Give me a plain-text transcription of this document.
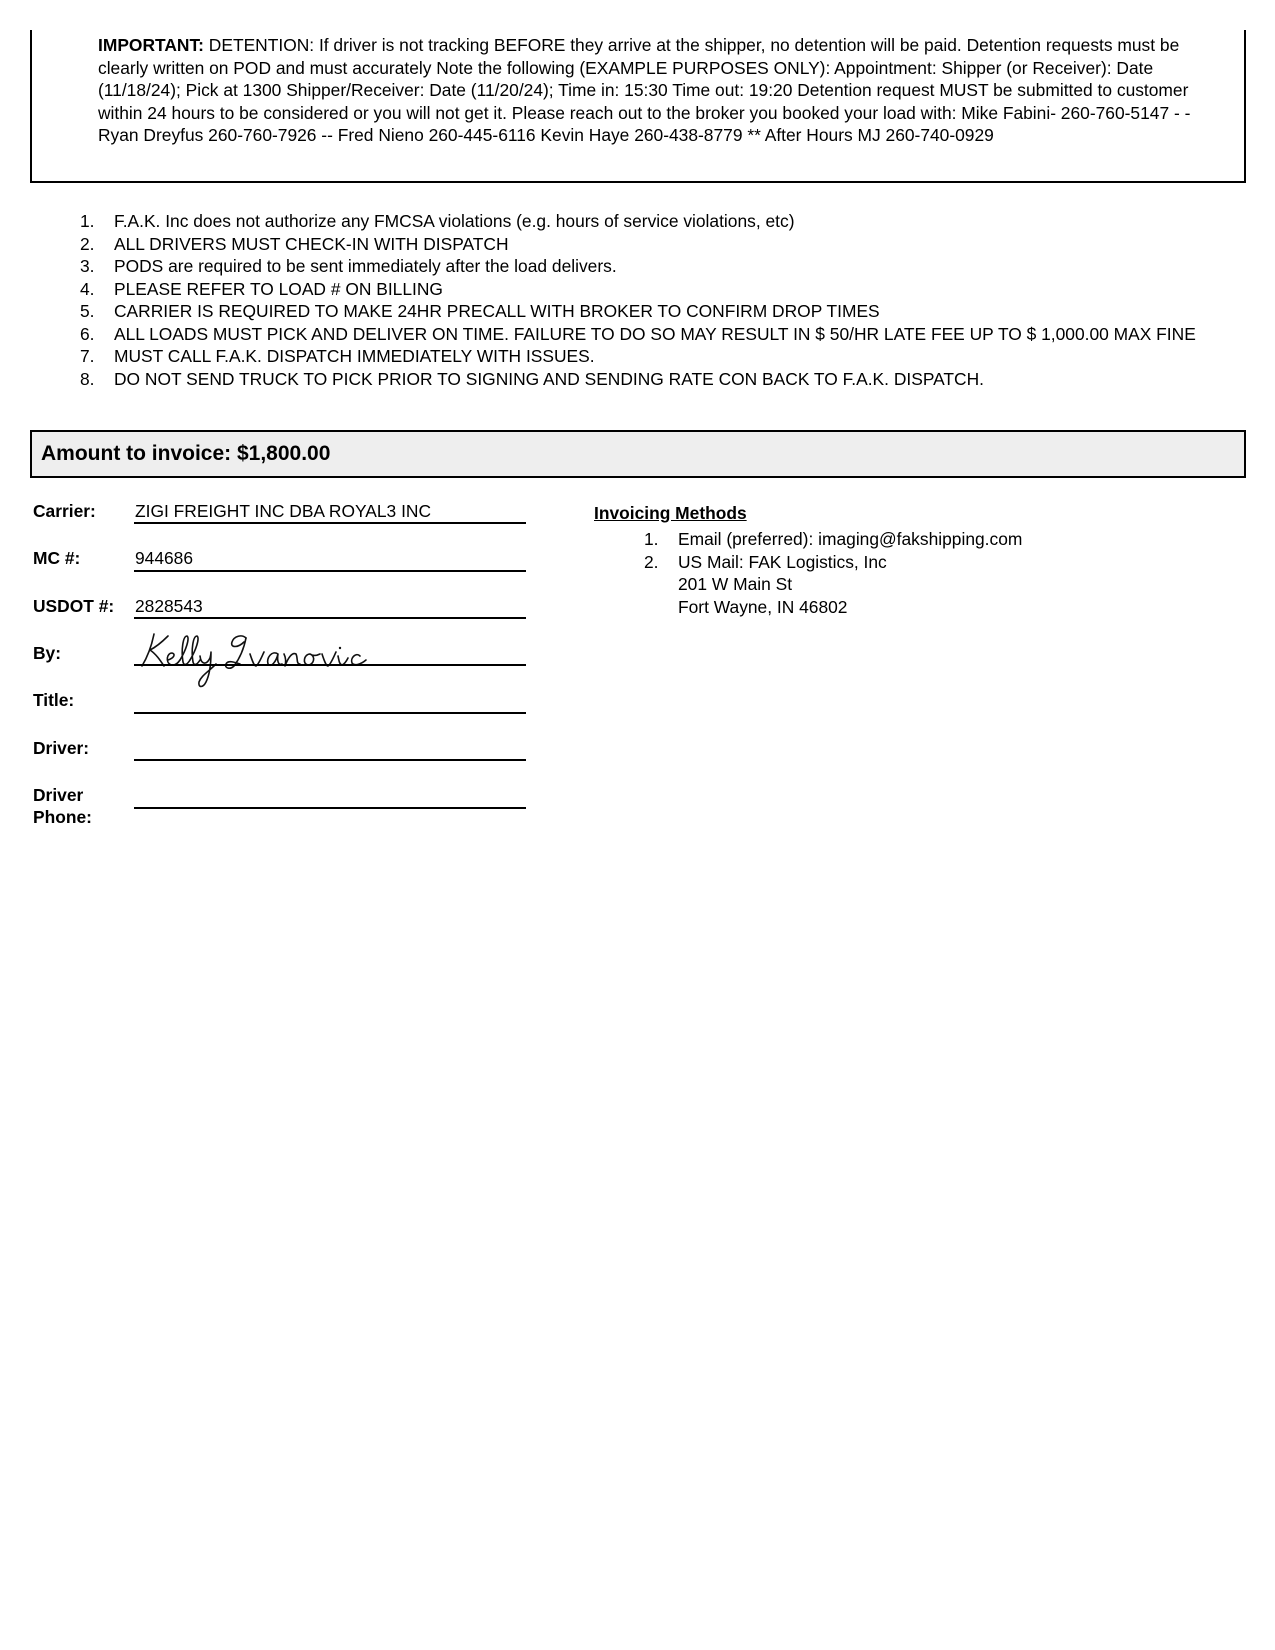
IMPORTANT: DETENTION: If driver is not tracking BEFORE they arrive at the shipper, no detention will be paid. Detention requests must be clearly written on POD and must accurately Note the following (EXAMPLE PURPOSES ONLY): Appointment: Shipper (or Receiver): Date (11/18/24); Pick at 1300 Shipper/Receiver: Date (11/20/24); Time in: 15:30 Time out: 19:20 Detention request MUST be submitted to customer within 24 hours to be considered or you will not get it. Please reach out to the broker you booked your load with: Mike Fabini- 260-760-5147 - - Ryan Dreyfus 260-760-7926 -- Fred Nieno 260-445-6116 Kevin Haye 260-438-8779 ** After Hours MJ 260-740-0929

1. F.A.K. Inc does not authorize any FMCSA violations (e.g. hours of service violations, etc)
2. ALL DRIVERS MUST CHECK-IN WITH DISPATCH
3. PODS are required to be sent immediately after the load delivers.
4. PLEASE REFER TO LOAD # ON BILLING
5. CARRIER IS REQUIRED TO MAKE 24HR PRECALL WITH BROKER TO CONFIRM DROP TIMES
6. ALL LOADS MUST PICK AND DELIVER ON TIME. FAILURE TO DO SO MAY RESULT IN $ 50/HR LATE FEE UP TO $ 1,000.00 MAX FINE
7. MUST CALL F.A.K. DISPATCH IMMEDIATELY WITH ISSUES.
8. DO NOT SEND TRUCK TO PICK PRIOR TO SIGNING AND SENDING RATE CON BACK TO F.A.K. DISPATCH.

Amount to invoice: $1,800.00

Carrier: ZIGI FREIGHT INC DBA ROYAL3 INC
MC #:	944686
USDOT #: 2828543
By:
Title:
Driver:
Driver
Phone:
Invoicing Methods
1. Email (preferred): imaging@fakshipping.com
2. US Mail: FAK Logistics, Inc
201 W Main St
Fort Wayne, IN 46802
